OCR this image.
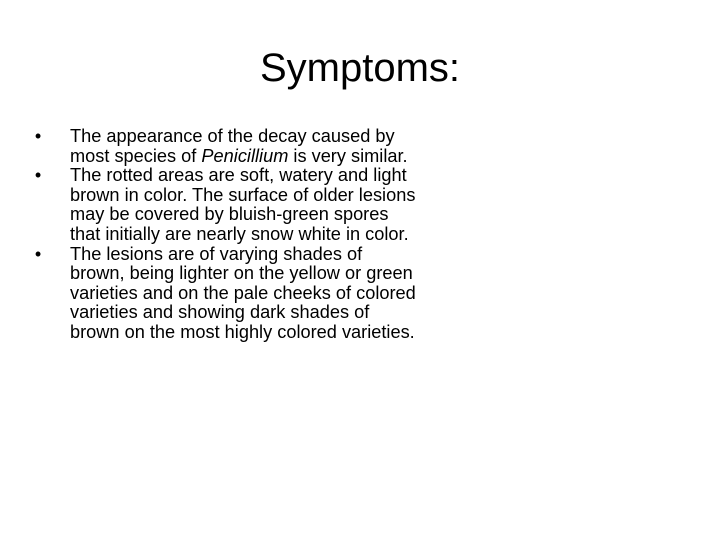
Symptoms:
•	The appearance of the decay caused by most species of Penicillium is very similar.
•	The rotted areas are soft, watery and light brown in color. The surface of older lesions may be covered by bluish-green spores that initially are nearly snow white in color.
•	The lesions are of varying shades of brown, being lighter on the yellow or green varieties and on the pale cheeks of colored varieties and showing dark shades of brown on the most highly colored varieties.
